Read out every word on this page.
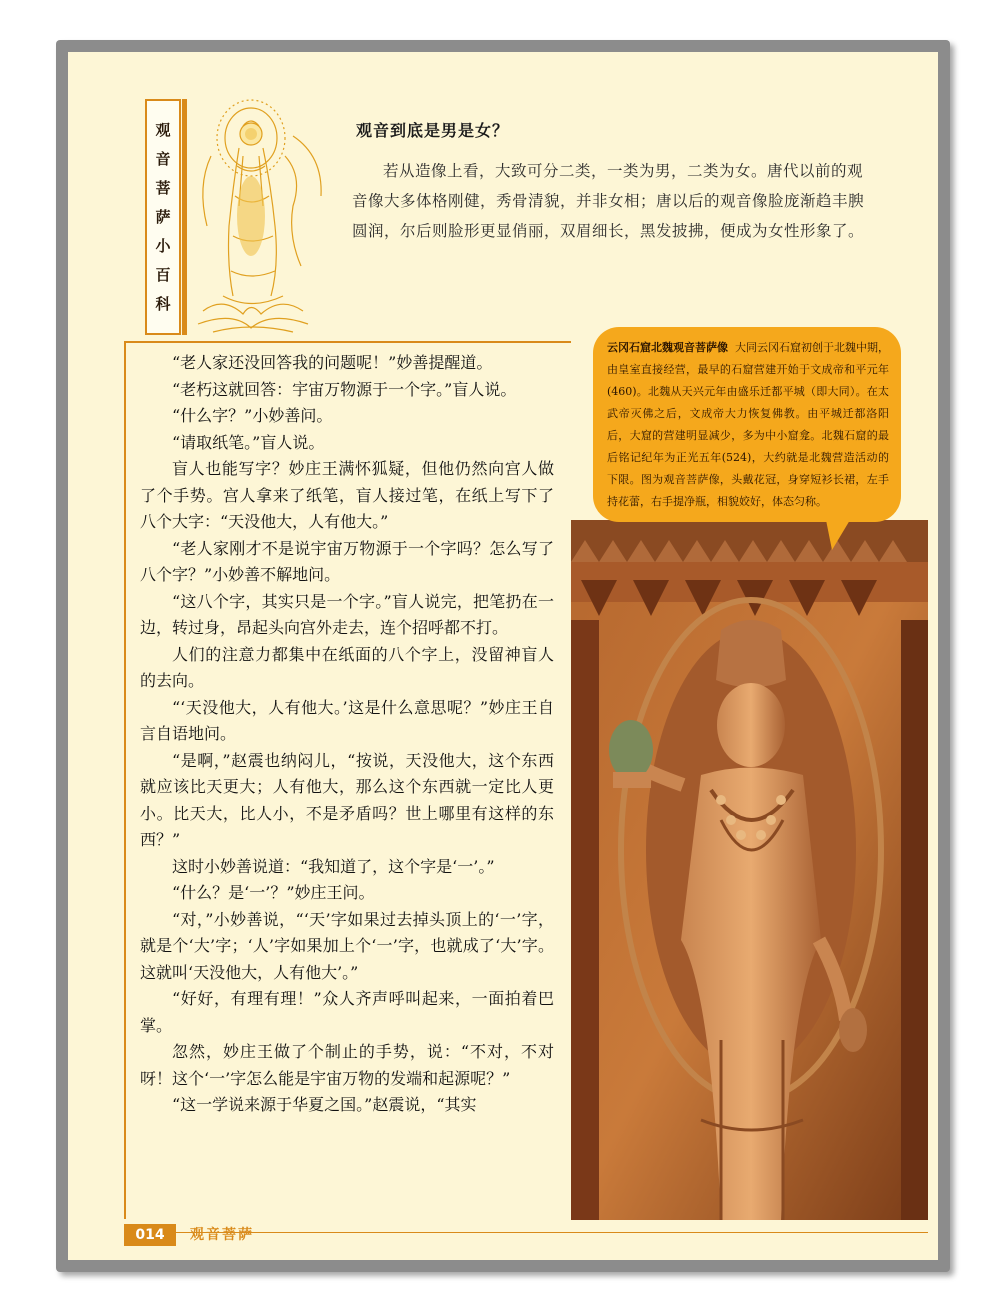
观
音
菩
萨
小
百
科
观音到底是男是女？
若从造像上看，大致可分二类，一类为男，二类为女。唐代以前的观音像大多体格刚健，秀骨清貌，并非女相；唐以后的观音像脸庞渐趋丰腴圆润，尔后则脸形更显俏丽，双眉细长，黑发披拂，便成为女性形象了。

“老人家还没回答我的问题呢！”妙善提醒道。

“老朽这就回答：宇宙万物源于一个字。”盲人说。

“什么字？”小妙善问。

“请取纸笔。”盲人说。

盲人也能写字？妙庄王满怀狐疑，但他仍然向宫人做了个手势。宫人拿来了纸笔，盲人接过笔，在纸上写下了八个大字：“天没他大，人有他大。”

“老人家刚才不是说宇宙万物源于一个字吗？怎么写了八个字？”小妙善不解地问。

“这八个字，其实只是一个字。”盲人说完，把笔扔在一边，转过身，昂起头向宫外走去，连个招呼都不打。

人们的注意力都集中在纸面的八个字上，没留神盲人的去向。

“‘天没他大，人有他大。’这是什么意思呢？”妙庄王自言自语地问。

“是啊，”赵震也纳闷儿，“按说，天没他大，这个东西就应该比天更大；人有他大，那么这个东西就一定比人更小。比天大，比人小，不是矛盾吗？世上哪里有这样的东西？”

这时小妙善说道：“我知道了，这个字是‘一’。”

“什么？是‘一’？”妙庄王问。

“对，”小妙善说，“‘天’字如果过去掉头顶上的‘一’字，就是个‘大’字；‘人’字如果加上个‘一’字，也就成了‘大’字。这就叫‘天没他大，人有他大’。”

“好好，有理有理！”众人齐声呼叫起来，一面拍着巴掌。

忽然，妙庄王做了个制止的手势，说：“不对，不对呀！这个‘一’字怎么能是宇宙万物的发端和起源呢？”

“这一学说来源于华夏之国。”赵震说，“其实

云冈石窟北魏观音菩萨像 大同云冈石窟初创于北魏中期，由皇室直接经营，最早的石窟营建开始于文成帝和平元年(460)。北魏从天兴元年由盛乐迁都平城（即大同）。在太武帝灭佛之后，文成帝大力恢复佛教。由平城迁都洛阳后，大窟的营建明显减少，多为中小窟龛。北魏石窟的最后铭记纪年为正光五年(524)，大约就是北魏营造活动的下限。图为观音菩萨像，头戴花冠，身穿短衫长裙，左手持花蕾，右手提净瓶，相貌姣好，体态匀称。
014	观音菩萨
